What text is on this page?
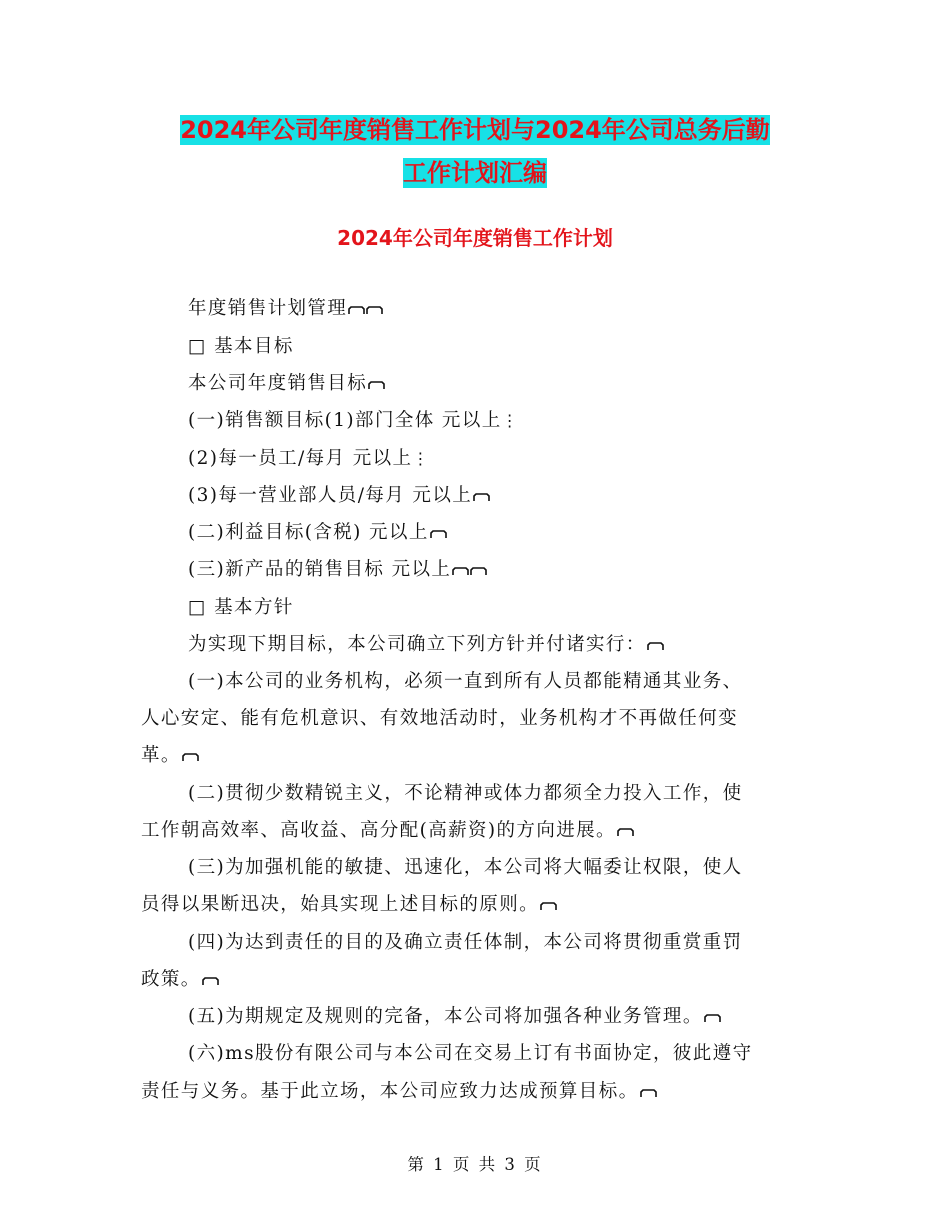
2024年公司年度销售工作计划与2024年公司总务后勤
工作计划汇编
2024年公司年度销售工作计划
年度销售计划管理
□ 基本目标
本公司年度销售目标
(一)销售额目标(1)部门全体 元以上⋮
(2)每一员工/每月 元以上⋮
(3)每一营业部人员/每月 元以上
(二)利益目标(含税) 元以上
(三)新产品的销售目标 元以上
□ 基本方针
为实现下期目标，本公司确立下列方针并付诸实行：
(一)本公司的业务机构，必须一直到所有人员都能精通其业务、
人心安定、能有危机意识、有效地活动时，业务机构才不再做任何变
革。
(二)贯彻少数精锐主义，不论精神或体力都须全力投入工作，使
工作朝高效率、高收益、高分配(高薪资)的方向进展。
(三)为加强机能的敏捷、迅速化，本公司将大幅委让权限，使人
员得以果断迅决，始具实现上述目标的原则。
(四)为达到责任的目的及确立责任体制，本公司将贯彻重赏重罚
政策。
(五)为期规定及规则的完备，本公司将加强各种业务管理。
(六)ms股份有限公司与本公司在交易上订有书面协定，彼此遵守
责任与义务。基于此立场，本公司应致力达成预算目标。
第 1 页 共 3 页
